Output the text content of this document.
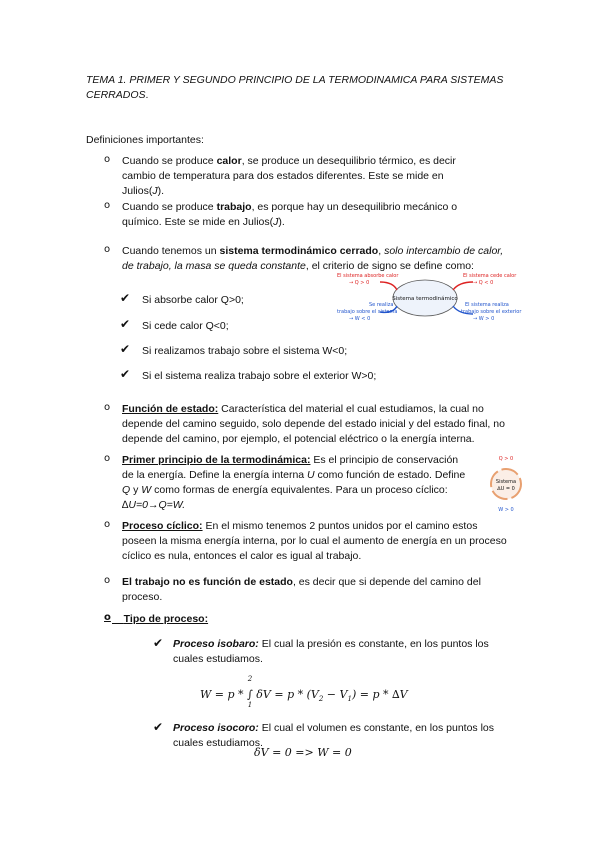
TEMA 1. PRIMER Y SEGUNDO PRINCIPIO DE LA TERMODINAMICA PARA SISTEMAS CERRADOS.
Definiciones importantes:
o Cuando se produce calor, se produce un desequilibrio térmico, es decir cambio de temperatura para dos estados diferentes. Este se mide en Julios(J).
o Cuando se produce trabajo, es porque hay un desequilibrio mecánico o químico. Este se mide en Julios(J).
o Cuando tenemos un sistema termodinámico cerrado, solo intercambio de calor, de trabajo, la masa se queda constante, el criterio de signo se define como:
✔ Si absorbe calor Q>0;
✔ Si cede calor Q<0;
✔ Si realizamos trabajo sobre el sistema W<0;
✔ Si el sistema realiza trabajo sobre el exterior W>0;
Sistema termodinámico
El sistema absorbe calor
→ Q > 0
El sistema cede calor
→ Q < 0
Se realiza
trabajo sobre el sistema
→ W < 0
El sistema realiza
trabajo sobre el exterior
→ W > 0
o Función de estado: Característica del material el cual estudiamos, la cual no depende del camino seguido, solo depende del estado inicial y del estado final, no depende del camino, por ejemplo, el potencial eléctrico o la energía interna.
o Primer principio de la termodinámica: Es el principio de conservación de la energía. Define la energía interna U como función de estado. Define Q y W como formas de energía equivalentes. Para un proceso cíclico: ∆U=0→Q=W.
Q > 0
Sistema
∆U = 0
W > 0
o Proceso cíclico: En el mismo tenemos 2 puntos unidos por el camino estos poseen la misma energía interna, por lo cual el aumento de energía en un proceso cíclico es nula, entonces el calor es igual al trabajo.
o El trabajo no es función de estado, es decir que si depende del camino del proceso.
o	Tipo de proceso:
✔ Proceso isobaro: El cual la presión es constante, en los puntos los cuales estudiamos.
W = p * ∫
2
1
$\delta V = p * (V_2 - V_1) = p * \Delta V$
✔ Proceso isocoro: El cual el volumen es constante, en los puntos los cuales estudiamos.
δV = 0 => W = 0
